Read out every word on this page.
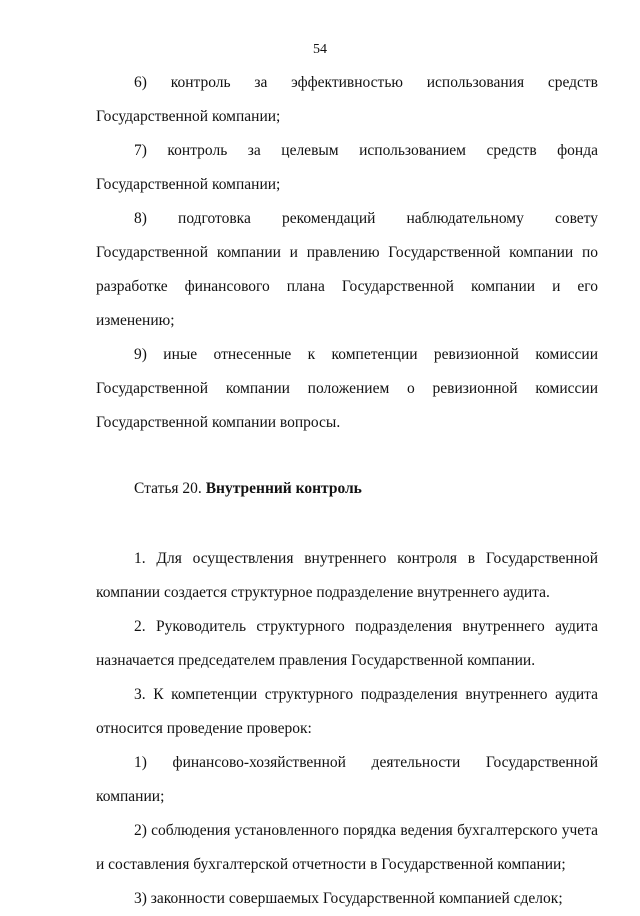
54

6) контроль за эффективностью использования средств Государственной компании;

7) контроль за целевым использованием средств фонда Государственной компании;

8) подготовка рекомендаций наблюдательному совету Государственной компании и правлению Государственной компании по разработке финансового плана Государственной компании и его изменению;

9) иные отнесенные к компетенции ревизионной комиссии Государственной компании положением о ревизионной комиссии Государственной компании вопросы.

Статья 20. Внутренний контроль

1. Для осуществления внутреннего контроля в Государственной компании создается структурное подразделение внутреннего аудита.

2. Руководитель структурного подразделения внутреннего аудита назначается председателем правления Государственной компании.

3. К компетенции структурного подразделения внутреннего аудита относится проведение проверок:

1) финансово-хозяйственной деятельности Государственной компании;

2) соблюдения установленного порядка ведения бухгалтерского учета и составления бухгалтерской отчетности в Государственной компании;

3) законности совершаемых Государственной компанией сделок;
